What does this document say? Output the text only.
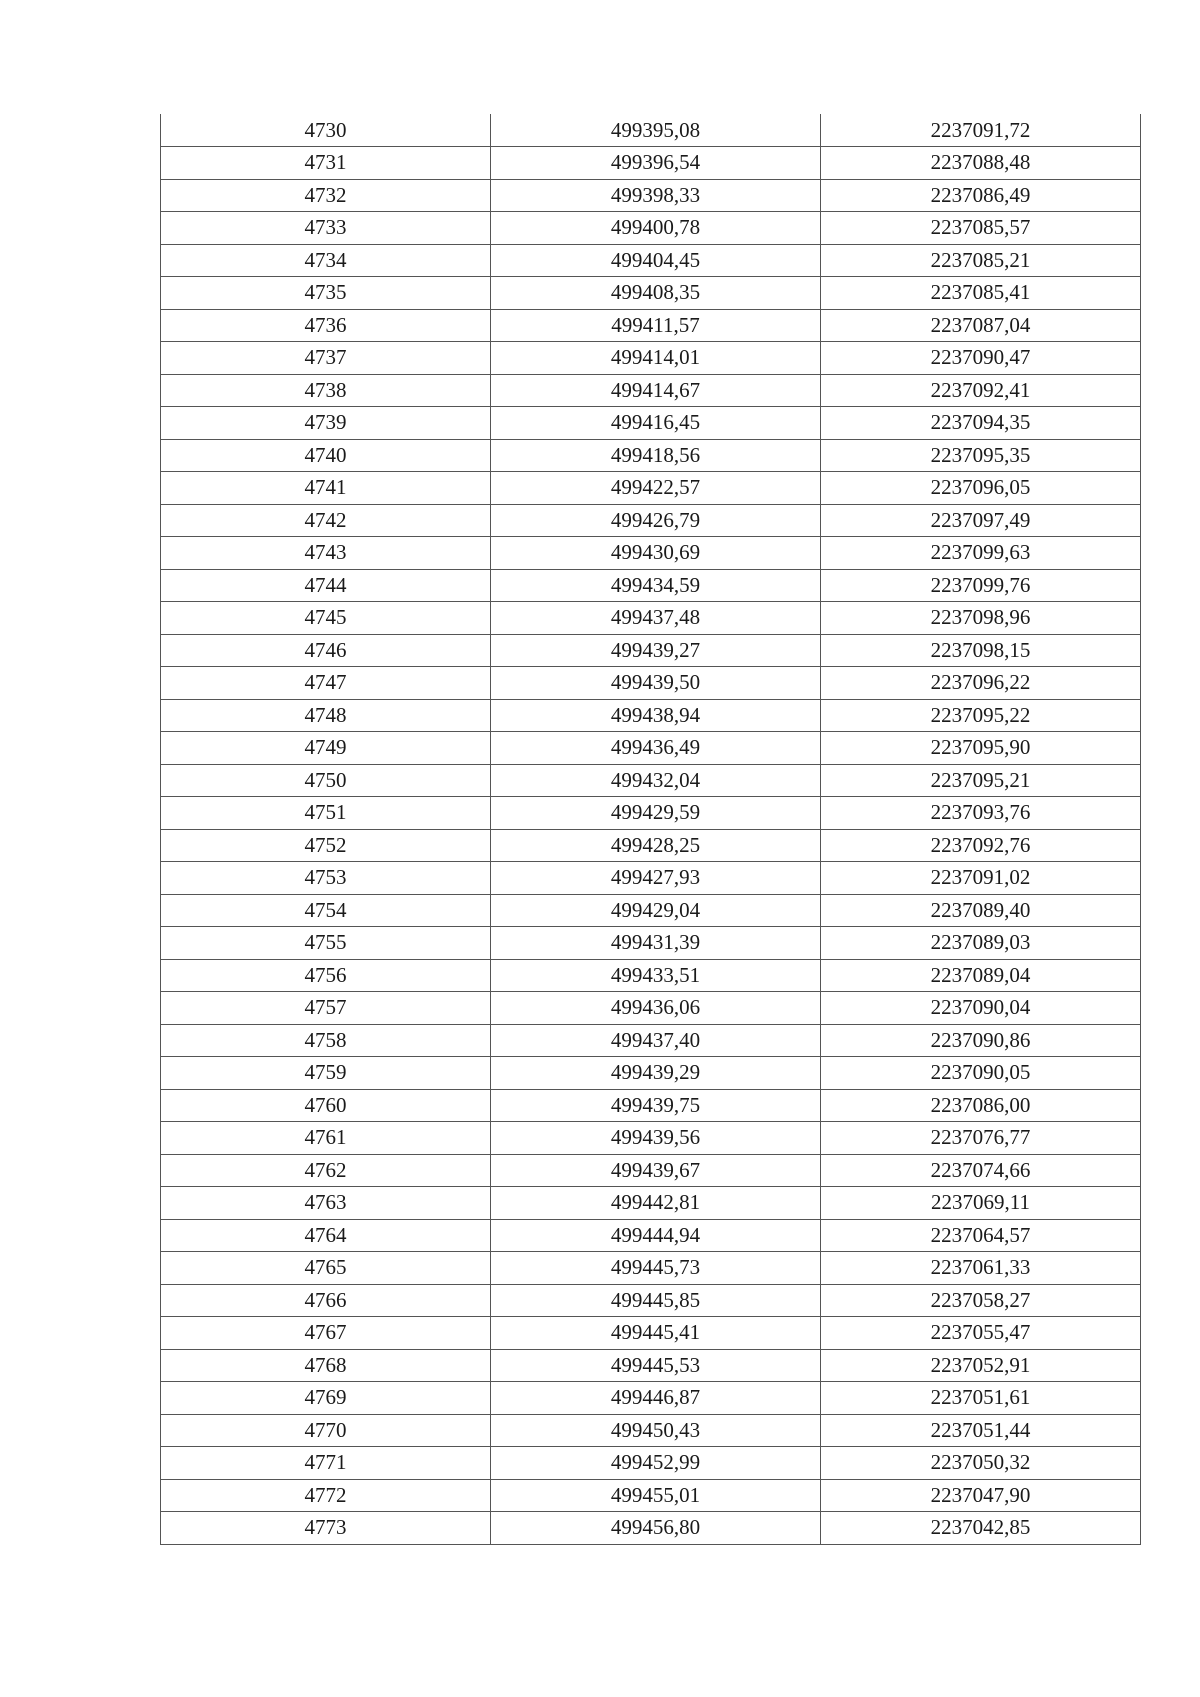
4730	499395,08	2237091,72
4731	499396,54	2237088,48
4732	499398,33	2237086,49
4733	499400,78	2237085,57
4734	499404,45	2237085,21
4735	499408,35	2237085,41
4736	499411,57	2237087,04
4737	499414,01	2237090,47
4738	499414,67	2237092,41
4739	499416,45	2237094,35
4740	499418,56	2237095,35
4741	499422,57	2237096,05
4742	499426,79	2237097,49
4743	499430,69	2237099,63
4744	499434,59	2237099,76
4745	499437,48	2237098,96
4746	499439,27	2237098,15
4747	499439,50	2237096,22
4748	499438,94	2237095,22
4749	499436,49	2237095,90
4750	499432,04	2237095,21
4751	499429,59	2237093,76
4752	499428,25	2237092,76
4753	499427,93	2237091,02
4754	499429,04	2237089,40
4755	499431,39	2237089,03
4756	499433,51	2237089,04
4757	499436,06	2237090,04
4758	499437,40	2237090,86
4759	499439,29	2237090,05
4760	499439,75	2237086,00
4761	499439,56	2237076,77
4762	499439,67	2237074,66
4763	499442,81	2237069,11
4764	499444,94	2237064,57
4765	499445,73	2237061,33
4766	499445,85	2237058,27
4767	499445,41	2237055,47
4768	499445,53	2237052,91
4769	499446,87	2237051,61
4770	499450,43	2237051,44
4771	499452,99	2237050,32
4772	499455,01	2237047,90
4773	499456,80	2237042,85
